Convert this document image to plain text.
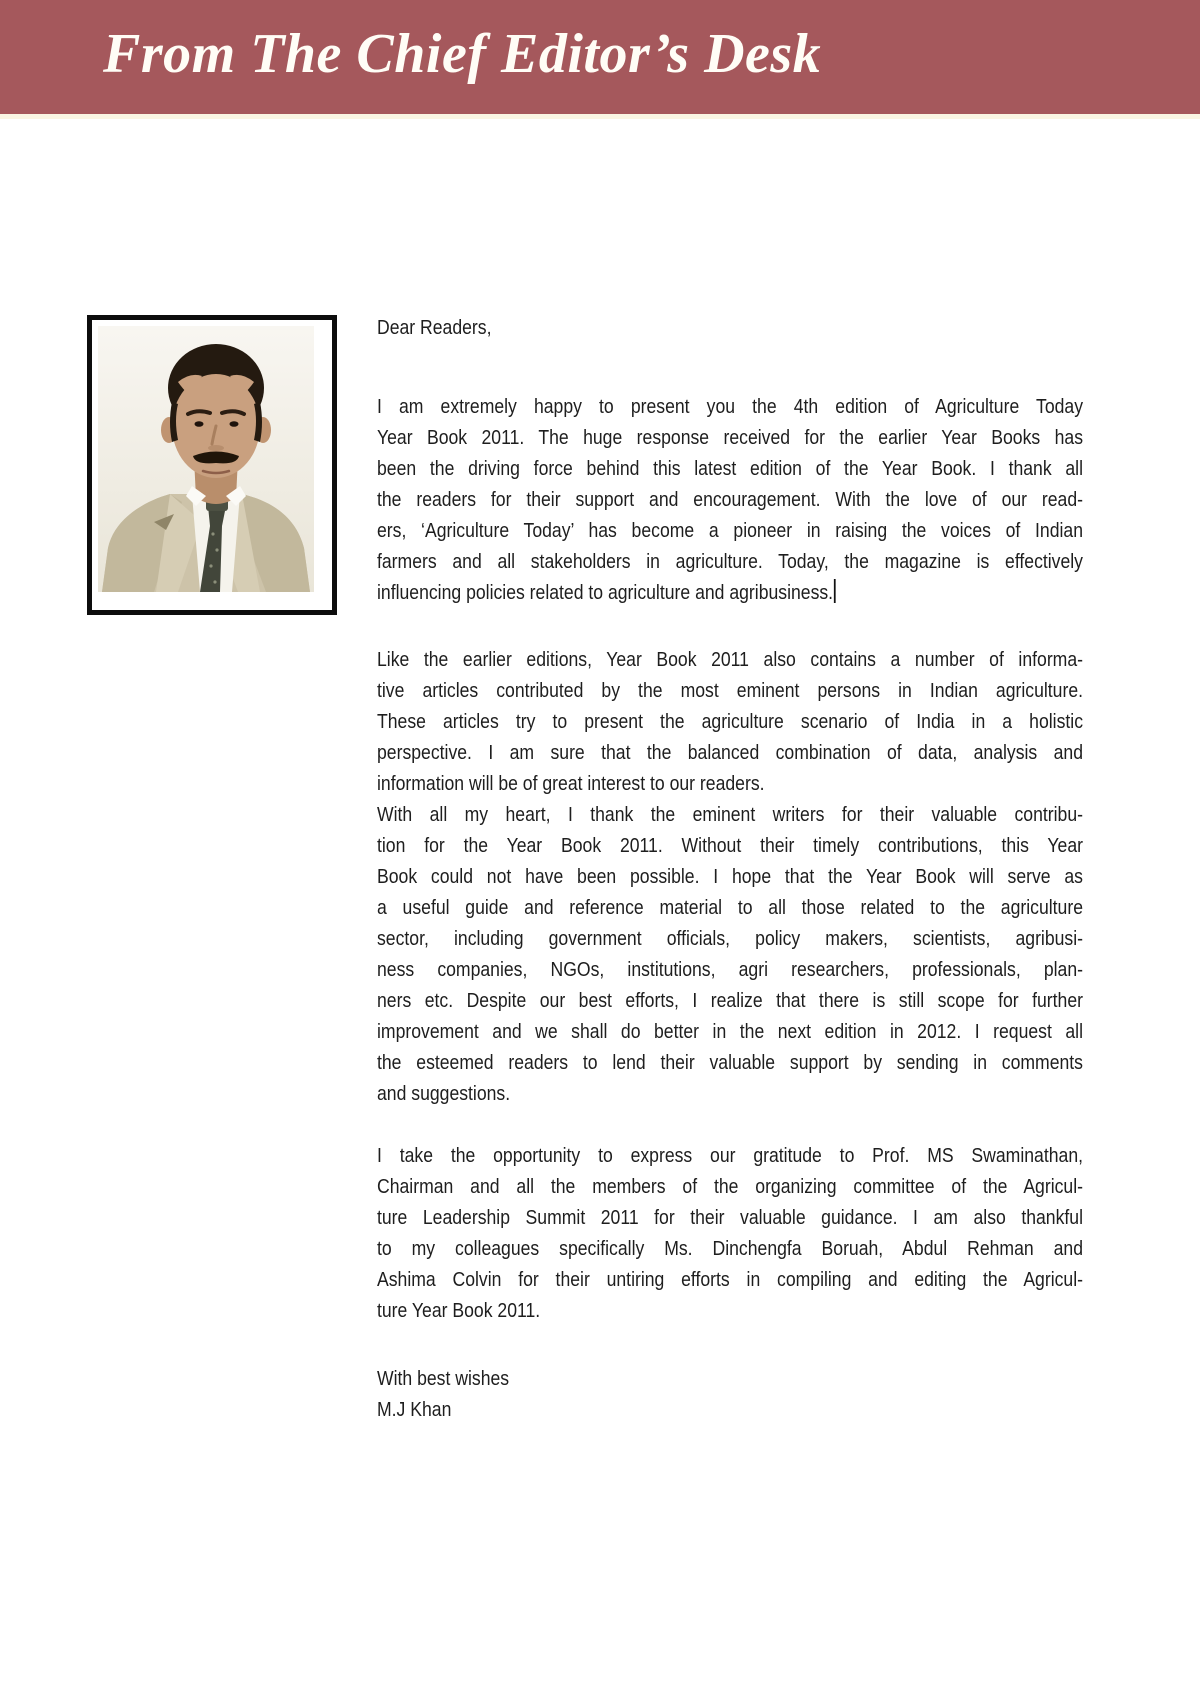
From The Chief Editor’s Desk
Dear Readers,
I am extremely happy to present you the 4th edition of Agriculture Today
Year Book 2011. The huge response received for the earlier Year Books has
been the driving force behind this latest edition of the Year Book. I thank all
the readers for their support and encouragement. With the love of our read-
ers, ‘Agriculture Today’ has become a pioneer in raising the voices of Indian
farmers and all stakeholders in agriculture. Today, the magazine is effectively
influencing policies related to agriculture and agribusiness.
Like the earlier editions, Year Book 2011 also contains a number of informa-
tive articles contributed by the most eminent persons in Indian agriculture.
These articles try to present the agriculture scenario of India in a holistic
perspective. I am sure that the balanced combination of data, analysis and
information will be of great interest to our readers.
With all my heart, I thank the eminent writers for their valuable contribu-
tion for the Year Book 2011. Without their timely contributions, this Year
Book could not have been possible. I hope that the Year Book will serve as
a useful guide and reference material to all those related to the agriculture
sector, including government officials, policy makers, scientists, agribusi-
ness companies, NGOs, institutions, agri researchers, professionals, plan-
ners etc. Despite our best efforts, I realize that there is still scope for further
improvement and we shall do better in the next edition in 2012. I request all
the esteemed readers to lend their valuable support by sending in comments
and suggestions.
I take the opportunity to express our gratitude to Prof. MS Swaminathan,
Chairman and all the members of the organizing committee of the Agricul-
ture Leadership Summit 2011 for their valuable guidance. I am also thankful
to my colleagues specifically Ms. Dinchengfa Boruah, Abdul Rehman and
Ashima Colvin for their untiring efforts in compiling and editing the Agricul-
ture Year Book 2011.
With best wishes
M.J Khan
